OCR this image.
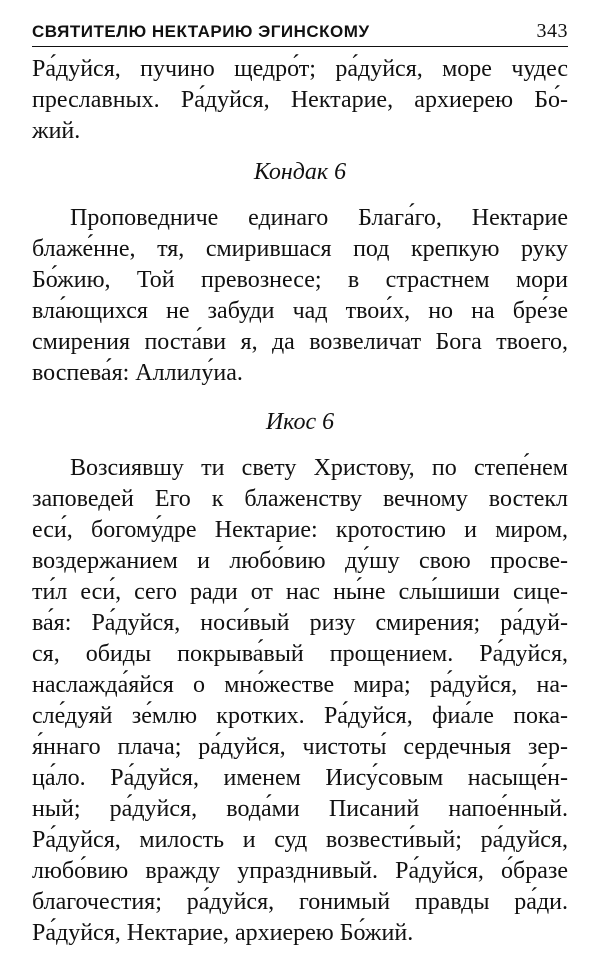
СВЯТИТЕЛЮ НЕКТАРИЮ ЭГИНСКОМУ	343

Ра́дуйся, пучино щедро́т; ра́дуйся, море чудес
преславных. Ра́дуйся, Нектарие, архиерею Бо́-
жий.

Кондак 6

Проповедниче единаго Блага́го, Нектарие
блаже́нне, тя, смирившася под крепкую руку
Бо́жию, Той превознесе; в страстнем мори
вла́ющихся не забуди чад твои́х, но на бре́зе
смирения поста́ви я, да возвеличат Бога твоего,
воспева́я: Аллилу́иа.

Икос 6

Возсиявшу ти свету Христову, по степе́нем
заповедей Его к блаженству вечному востекл
еси́, богому́дре Нектарие: кротостию и миром,
воздержанием и любо́вию ду́шу свою просве-
ти́л еси́, сего ради от нас ны́не слы́шиши сице-
ва́я: Ра́дуйся, носи́вый ризу смирения; ра́дуй-
ся, обиды покрыва́вый прощением. Ра́дуйся,
наслажда́яйся о мно́жестве мира; ра́дуйся, на-
сле́дуяй зе́млю кротких. Ра́дуйся, фиа́ле пока-
я́ннаго плача; ра́дуйся, чистоты́ сердечныя зер-
ца́ло. Ра́дуйся, именем Иису́совым насыще́н-
ный; ра́дуйся, вода́ми Писаний напое́нный.
Ра́дуйся, милость и суд возвести́вый; ра́дуйся,
любо́вию вражду упразднивый. Ра́дуйся, о́бразе
благочестия; ра́дуйся, гонимый правды ра́ди.
Ра́дуйся, Нектарие, архиерею Бо́жий.
